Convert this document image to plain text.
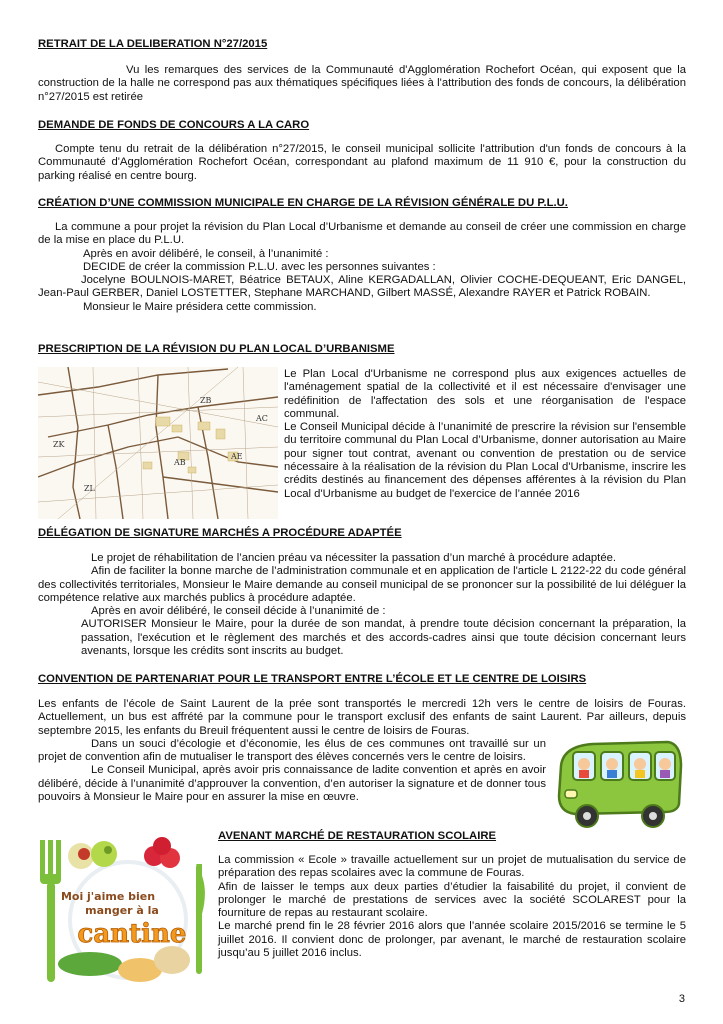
RETRAIT DE LA DELIBERATION N°27/2015

Vu les remarques des services de la Communauté d'Agglomération Rochefort Océan, qui exposent que la construction de la halle ne correspond pas aux thématiques spécifiques liées à l'attribution des fonds de concours, la délibération n°27/2015 est retirée

DEMANDE DE FONDS DE CONCOURS A LA CARO

Compte tenu du retrait de la délibération n°27/2015, le conseil municipal sollicite l'attribution d'un fonds de concours à la Communauté d'Agglomération Rochefort Océan, correspondant au plafond maximum de 11 910 €, pour la construction du parking réalisé en centre bourg.

CRÉATION D’UNE COMMISSION MUNICIPALE EN CHARGE DE LA RÉVISION GÉNÉRALE DU P.L.U.

La commune a pour projet la révision du Plan Local d’Urbanisme et demande au conseil de créer une commission en charge de la mise en place du P.L.U.

Après en avoir délibéré, le conseil, à l’unanimité :

DECIDE de créer la commission P.L.U. avec les personnes suivantes :

Jocelyne BOULNOIS-MARET, Béatrice BETAUX, Aline KERGADALLAN, Olivier COCHE-DEQUEANT, Eric DANGEL, Jean-Paul GERBER, Daniel LOSTETTER, Stephane MARCHAND, Gilbert MASSÉ, Alexandre RAYER et Patrick ROBAIN.

Monsieur le Maire présidera cette commission.

PRESCRIPTION DE LA RÉVISION DU PLAN LOCAL D’URBANISME
ZB
AC
AB
AE
ZL
ZK

Le Plan Local d'Urbanisme ne correspond plus aux exigences actuelles de l'aménagement spatial de la collectivité et il est nécessaire d'envisager une redéfinition de l'affectation des sols et une réorganisation de l'espace communal.

Le Conseil Municipal décide à l’unanimité de prescrire la révision sur l'ensemble du territoire communal du Plan Local d’Urbanisme, donner autorisation au Maire pour signer tout contrat, avenant ou convention de prestation ou de service nécessaire à la réalisation de la révision du Plan Local d'Urbanisme, inscrire les crédits destinés au financement des dépenses afférentes à la révision du Plan Local d'Urbanisme au budget de l'exercice de l’année 2016

DÉLÉGATION DE SIGNATURE MARCHÉS A PROCÉDURE ADAPTÉE

Le projet de réhabilitation de l’ancien préau va nécessiter la passation d’un marché à procédure adaptée.

Afin de faciliter la bonne marche de l’administration communale et en application de l'article L 2122-22 du code général des collectivités territoriales, Monsieur le Maire demande au conseil municipal de se prononcer sur la possibilité de lui déléguer la compétence relative aux marchés publics à procédure adaptée.

Après en avoir délibéré, le conseil décide à l’unanimité de :

AUTORISER Monsieur le Maire, pour la durée de son mandat, à prendre toute décision concernant la préparation, la passation, l'exécution et le règlement des marchés et des accords-cadres ainsi que toute décision concernant leurs avenants, lorsque les crédits sont inscrits au budget.

CONVENTION DE PARTENARIAT POUR LE TRANSPORT ENTRE L’ÉCOLE ET LE CENTRE DE LOISIRS

Les enfants de l’école de Saint Laurent de la prée sont transportés le mercredi 12h vers le centre de loisirs de Fouras. Actuellement, un bus est affrété par la commune pour le transport exclusif des enfants de saint Laurent. Par ailleurs, depuis septembre 2015, les enfants du Breuil fréquentent aussi le centre de loisirs de Fouras.

Dans un souci d’écologie et d’économie, les élus de ces communes ont travaillé sur un projet de convention afin de mutualiser le transport des élèves concernés vers le centre de loisirs.

Le Conseil Municipal, après avoir pris connaissance de ladite convention et après en avoir délibéré, décide à l’unanimité d’approuver la convention, d’en autoriser la signature et de donner tous pouvoirs à Monsieur le Maire pour en assurer la mise en œuvre.

Moi j'aime bien
manger à la
cantine
AVENANT MARCHÉ DE RESTAURATION SCOLAIRE

La commission « Ecole » travaille actuellement sur un projet de mutualisation du service de préparation des repas scolaires avec la commune de Fouras.

Afin de laisser le temps aux deux parties d’étudier la faisabilité du projet, il convient de prolonger le marché de prestations de services avec la société SCOLAREST pour la fourniture de repas au restaurant scolaire.

Le marché prend fin le 28 février 2016 alors que l’année scolaire 2015/2016 se termine le 5 juillet 2016. Il convient donc de prolonger, par avenant, le marché de restauration scolaire jusqu’au 5 juillet 2016 inclus.

3
